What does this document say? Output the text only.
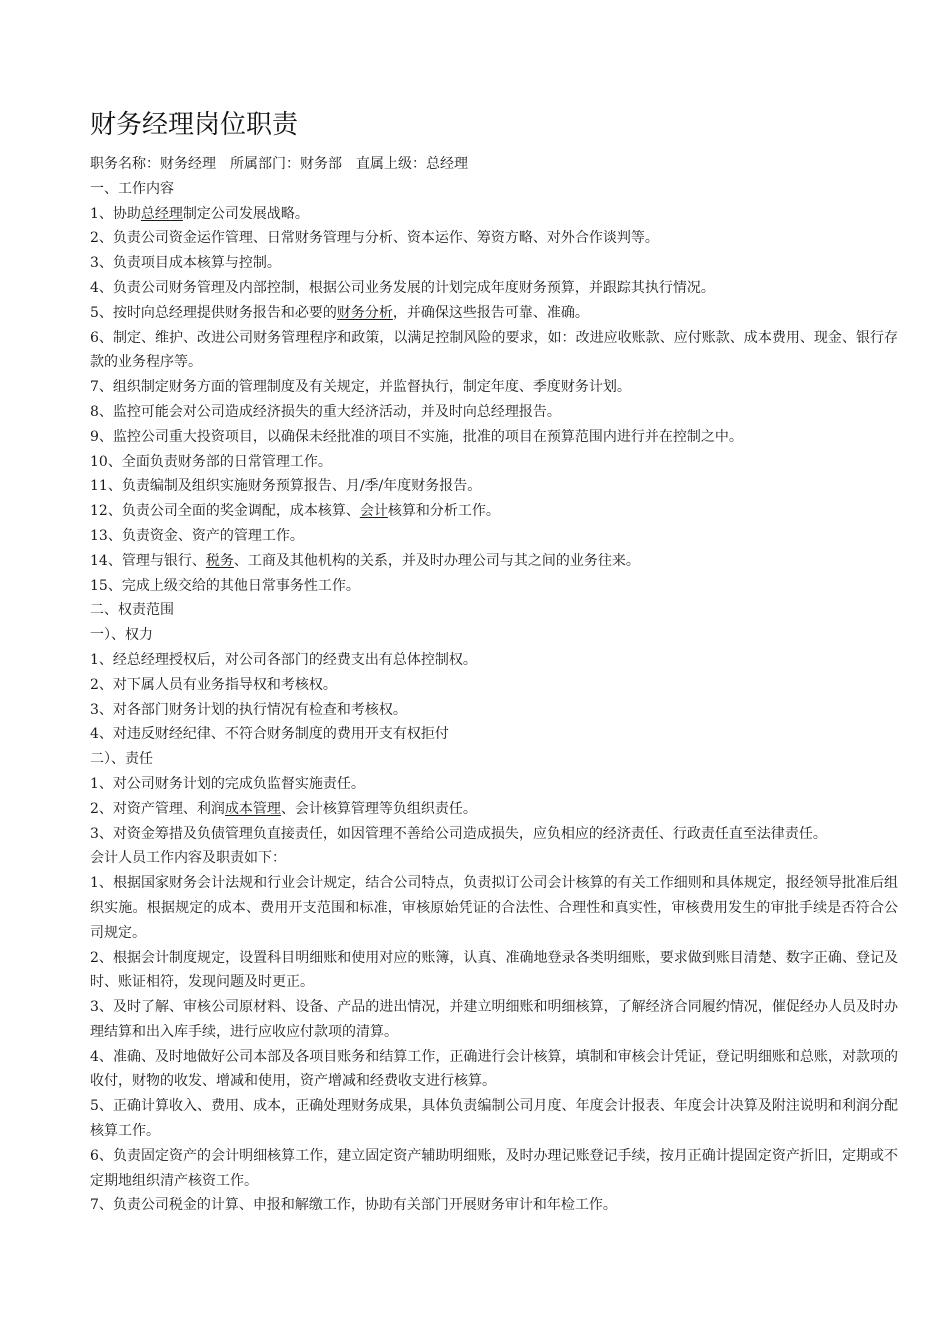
财务经理岗位职责

职务名称：财务经理　所属部门：财务部　直属上级：总经理

一、工作内容

1、协助总经理制定公司发展战略。

2、负责公司资金运作管理、日常财务管理与分析、资本运作、筹资方略、对外合作谈判等。

3、负责项目成本核算与控制。

4、负责公司财务管理及内部控制，根据公司业务发展的计划完成年度财务预算，并跟踪其执行情况。

5、按时向总经理提供财务报告和必要的财务分析，并确保这些报告可靠、准确。

6、制定、维护、改进公司财务管理程序和政策，以满足控制风险的要求，如：改进应收账款、应付账款、成本费用、现金、银行存款的业务程序等。

7、组织制定财务方面的管理制度及有关规定，并监督执行，制定年度、季度财务计划。

8、监控可能会对公司造成经济损失的重大经济活动，并及时向总经理报告。

9、监控公司重大投资项目，以确保未经批准的项目不实施，批准的项目在预算范围内进行并在控制之中。

10、全面负责财务部的日常管理工作。

11、负责编制及组织实施财务预算报告、月/季/年度财务报告。

12、负责公司全面的奖金调配，成本核算、会计核算和分析工作。

13、负责资金、资产的管理工作。

14、管理与银行、税务、工商及其他机构的关系，并及时办理公司与其之间的业务往来。

15、完成上级交给的其他日常事务性工作。

二、权责范围

一）、权力

1、经总经理授权后，对公司各部门的经费支出有总体控制权。

2、对下属人员有业务指导权和考核权。

3、对各部门财务计划的执行情况有检查和考核权。

4、对违反财经纪律、不符合财务制度的费用开支有权拒付

二）、责任

1、对公司财务计划的完成负监督实施责任。

2、对资产管理、利润成本管理、会计核算管理等负组织责任。

3、对资金筹措及负债管理负直接责任，如因管理不善给公司造成损失，应负相应的经济责任、行政责任直至法律责任。

会计人员工作内容及职责如下：

1、根据国家财务会计法规和行业会计规定，结合公司特点，负责拟订公司会计核算的有关工作细则和具体规定，报经领导批准后组织实施。根据规定的成本、费用开支范围和标准，审核原始凭证的合法性、合理性和真实性，审核费用发生的审批手续是否符合公司规定。

2、根据会计制度规定，设置科目明细账和使用对应的账簿，认真、准确地登录各类明细账，要求做到账目清楚、数字正确、登记及时、账证相符，发现问题及时更正。

3、及时了解、审核公司原材料、设备、产品的进出情况，并建立明细账和明细核算，了解经济合同履约情况，催促经办人员及时办理结算和出入库手续，进行应收应付款项的清算。

4、准确、及时地做好公司本部及各项目账务和结算工作，正确进行会计核算，填制和审核会计凭证，登记明细账和总账，对款项的收付，财物的收发、增减和使用，资产增减和经费收支进行核算。

5、正确计算收入、费用、成本，正确处理财务成果，具体负责编制公司月度、年度会计报表、年度会计决算及附注说明和利润分配核算工作。

6、负责固定资产的会计明细核算工作，建立固定资产辅助明细账，及时办理记账登记手续，按月正确计提固定资产折旧，定期或不定期地组织清产核资工作。

7、负责公司税金的计算、申报和解缴工作，协助有关部门开展财务审计和年检工作。
